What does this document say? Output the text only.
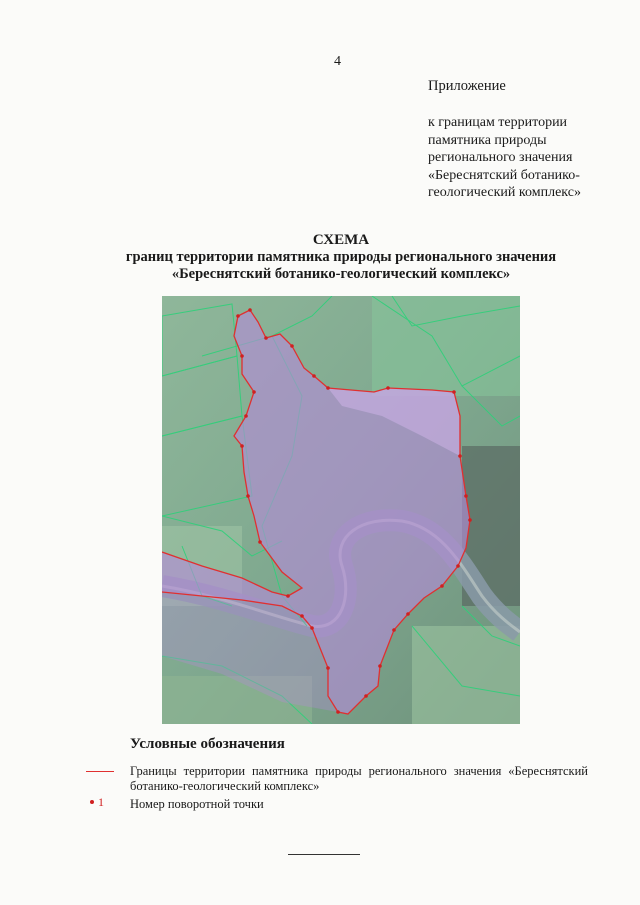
4
Приложение
к границам территории
памятника природы
регионального значения
«Береснятский ботанико-
геологический комплекс»
СХЕМА
границ территории памятника природы регионального значения
«Береснятский ботанико-геологический комплекс»
Условные обозначения
Границы территории памятника природы регионального значения «Береснятский ботанико-геологический комплекс»
1 Номер поворотной точки
